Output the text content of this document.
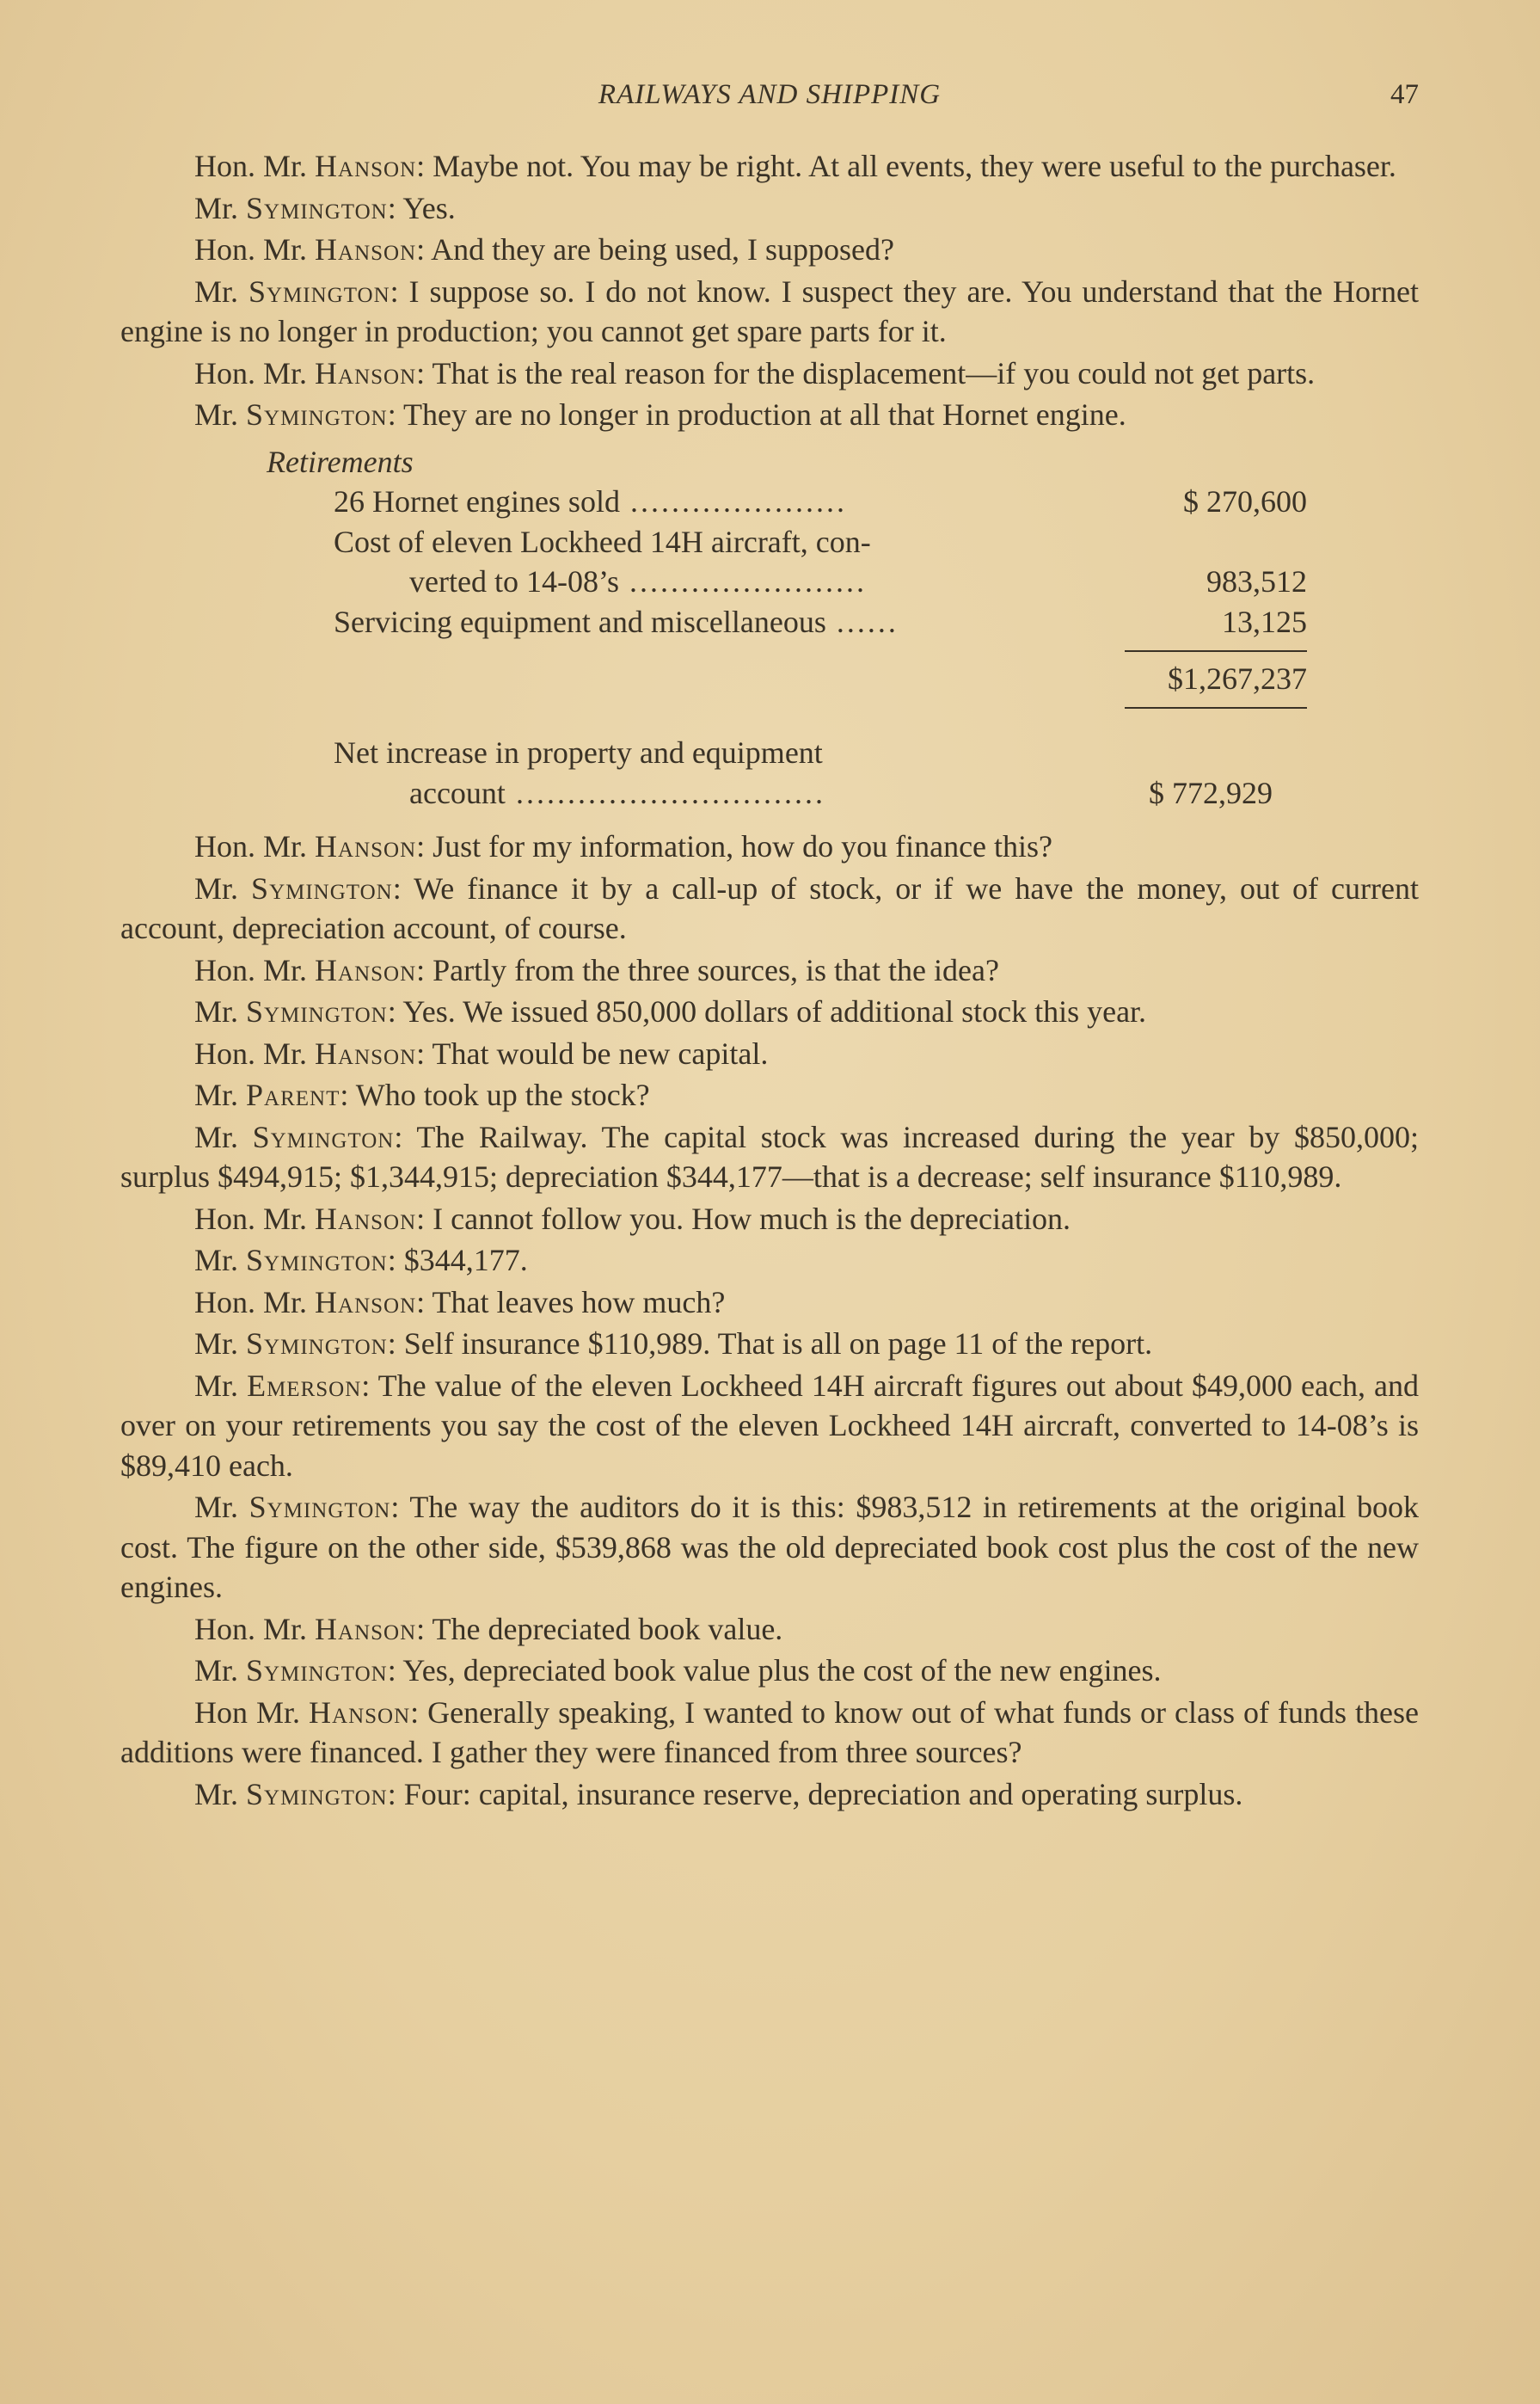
RAILWAYS AND SHIPPING	47

Hon. Mr. Hanson: Maybe not. You may be right. At all events, they were useful to the purchaser.

Mr. Symington: Yes.

Hon. Mr. Hanson: And they are being used, I supposed?

Mr. Symington: I suppose so. I do not know. I suspect they are. You understand that the Hornet engine is no longer in production; you cannot get spare parts for it.

Hon. Mr. Hanson: That is the real reason for the displacement—if you could not get parts.

Mr. Symington: They are no longer in production at all that Hornet engine.

Retirements
26 Hornet engines sold .....................	$ 270,600
Cost of eleven Lockheed 14H aircraft, con-
verted to 14-08’s .......................	983,512
Servicing equipment and miscellaneous ......	13,125
$1,267,237
Net increase in property and equipment
account ..............................	$ 772,929

Hon. Mr. Hanson: Just for my information, how do you finance this?

Mr. Symington: We finance it by a call-up of stock, or if we have the money, out of current account, depreciation account, of course.

Hon. Mr. Hanson: Partly from the three sources, is that the idea?

Mr. Symington: Yes. We issued 850,000 dollars of additional stock this year.

Hon. Mr. Hanson: That would be new capital.

Mr. Parent: Who took up the stock?

Mr. Symington: The Railway. The capital stock was increased during the year by $850,000; surplus $494,915; $1,344,915; depreciation $344,177—that is a decrease; self insurance $110,989.

Hon. Mr. Hanson: I cannot follow you. How much is the depreciation.

Mr. Symington: $344,177.

Hon. Mr. Hanson: That leaves how much?

Mr. Symington: Self insurance $110,989. That is all on page 11 of the report.

Mr. Emerson: The value of the eleven Lockheed 14H aircraft figures out about $49,000 each, and over on your retirements you say the cost of the eleven Lockheed 14H aircraft, converted to 14-08’s is $89,410 each.

Mr. Symington: The way the auditors do it is this: $983,512 in retirements at the original book cost. The figure on the other side, $539,868 was the old depreciated book cost plus the cost of the new engines.

Hon. Mr. Hanson: The depreciated book value.

Mr. Symington: Yes, depreciated book value plus the cost of the new engines.

Hon Mr. Hanson: Generally speaking, I wanted to know out of what funds or class of funds these additions were financed. I gather they were financed from three sources?

Mr. Symington: Four: capital, insurance reserve, depreciation and operating surplus.
